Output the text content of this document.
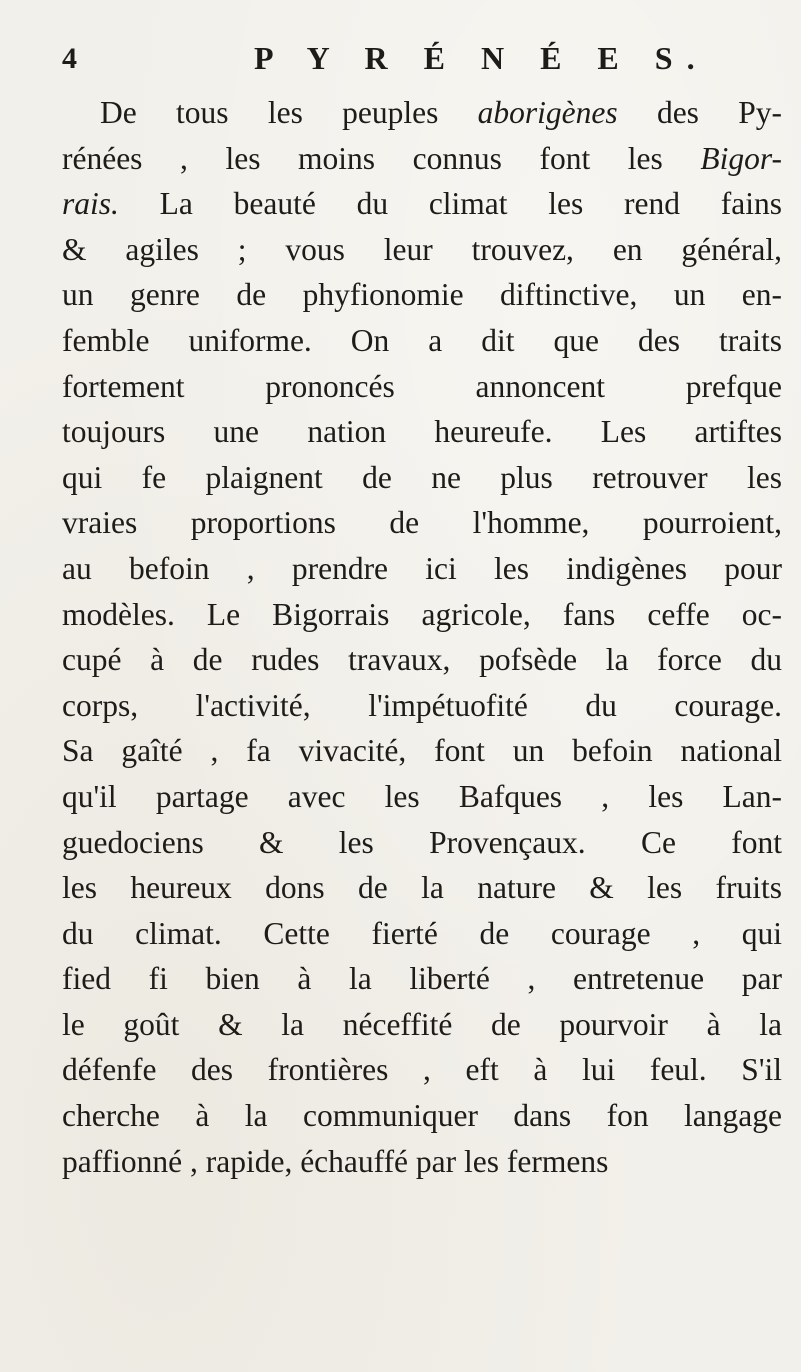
4	P Y R É N É E S.
De tous les peuples aborigènes des Py-
rénées , les moins connus font les Bigor-
rais. La beauté du climat les rend fains
& agiles ; vous leur trouvez, en général,
un genre de phyfionomie diftinctive, un en-
femble uniforme. On a dit que des traits
fortement prononcés annoncent prefque
toujours une nation heureufe. Les artiftes
qui fe plaignent de ne plus retrouver les
vraies proportions de l'homme, pourroient,
au befoin , prendre ici les indigènes pour
modèles. Le Bigorrais agricole, fans ceffe oc-
cupé à de rudes travaux, pofsède la force du
corps, l'activité, l'impétuofité du courage.
Sa gaîté , fa vivacité, font un befoin national
qu'il partage avec les Bafques , les Lan-
guedociens & les Provençaux. Ce font
les heureux dons de la nature & les fruits
du climat. Cette fierté de courage , qui
fied fi bien à la liberté , entretenue par
le goût & la néceffité de pourvoir à la
défenfe des frontières , eft à lui feul. S'il
cherche à la communiquer dans fon langage
paffionné , rapide, échauffé par les fermens
